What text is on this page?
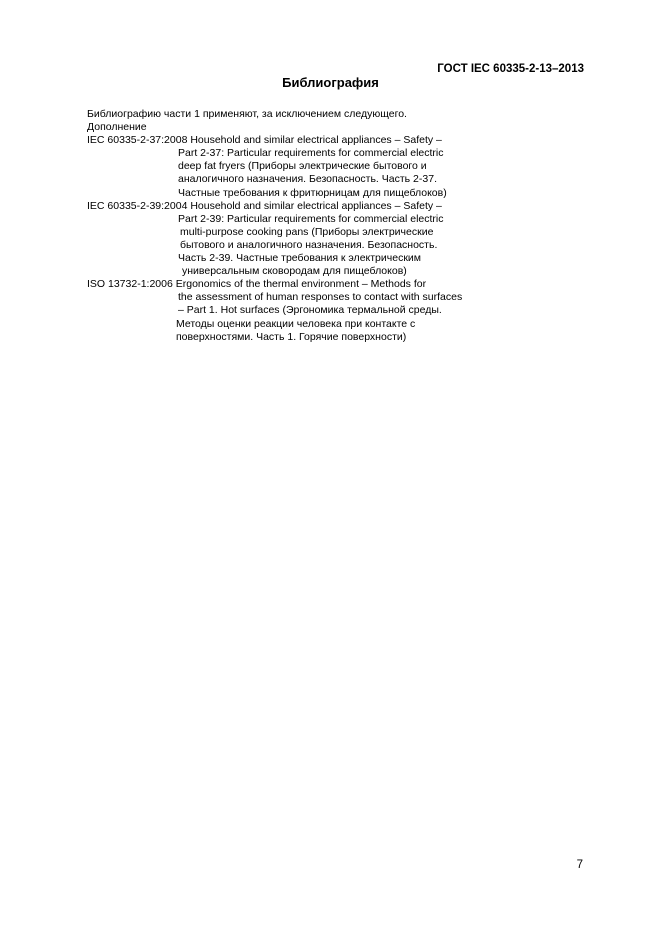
ГОСТ IEC 60335-2-13–2013
Библиография
Библиографию части 1 применяют, за исключением следующего.
Дополнение
IEC 60335-2-37:2008 Household and similar electrical appliances – Safety –
Part 2-37: Particular requirements for commercial electric
deep fat fryers (Приборы электрические бытового и
аналогичного назначения. Безопасность. Часть 2-37.
Частные требования к фритюрницам для пищеблоков)
IEC 60335-2-39:2004 Household and similar electrical appliances – Safety –
Part 2-39: Particular requirements for commercial electric
multi-purpose cooking pans (Приборы электрические
бытового и аналогичного назначения. Безопасность.
Часть 2-39. Частные требования к электрическим
универсальным сковородам для пищеблоков)
ISO 13732-1:2006 Ergonomics of the thermal environment – Methods for
the assessment of human responses to contact with surfaces
– Part 1. Hot surfaces (Эргономика термальной среды.
Методы оценки реакции человека при контакте с
поверхностями. Часть 1. Горячие поверхности)
7
